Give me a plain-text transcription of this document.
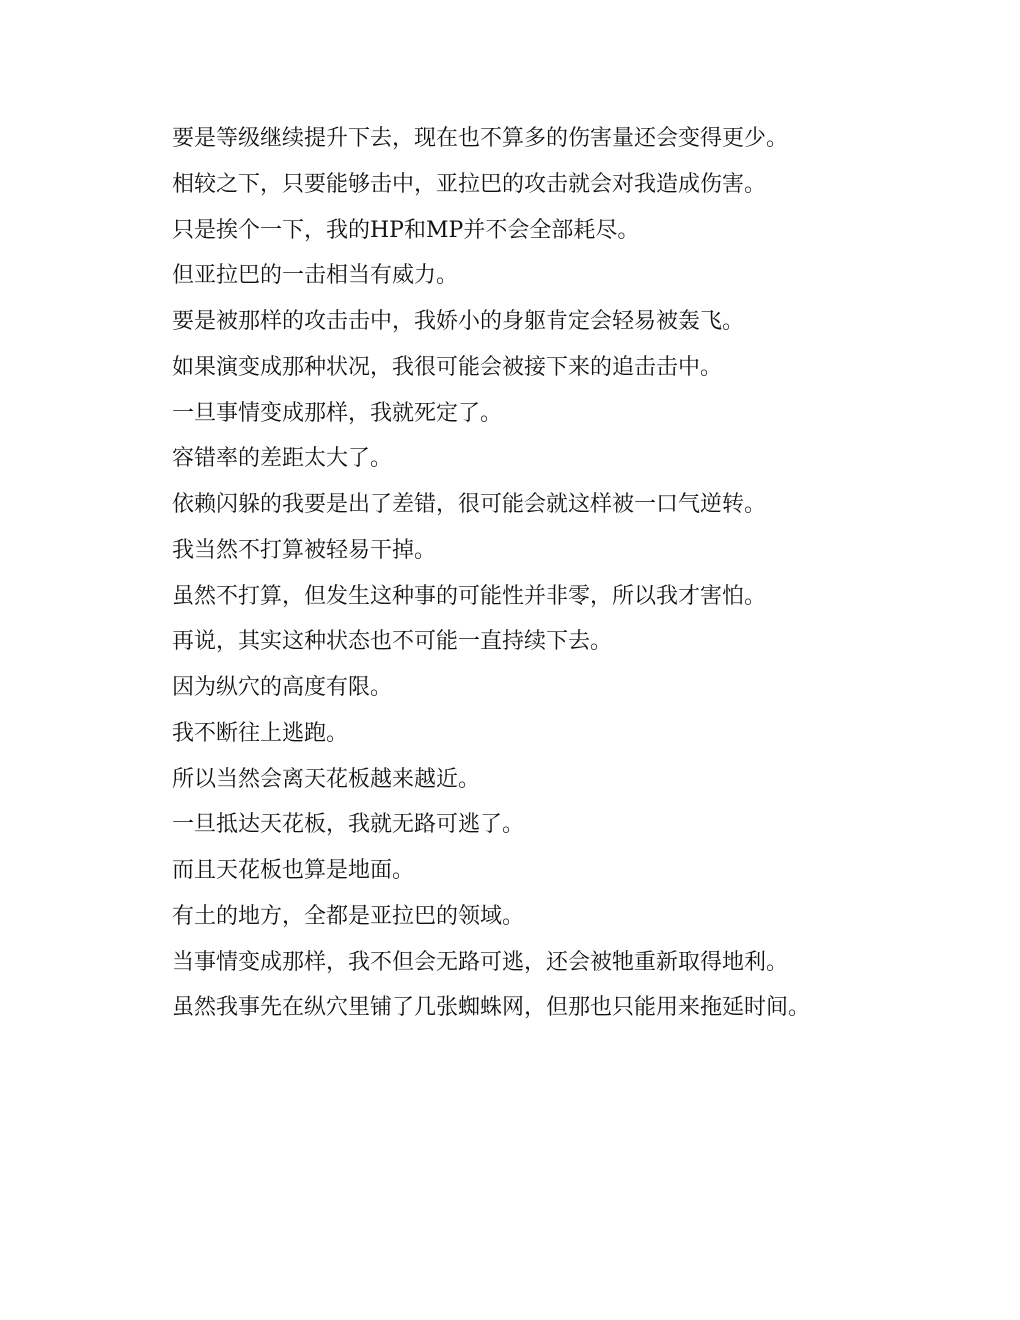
要是等级继续提升下去，现在也不算多的伤害量还会变得更少。

相较之下，只要能够击中，亚拉巴的攻击就会对我造成伤害。

只是挨个一下，我的HP和MP并不会全部耗尽。

但亚拉巴的一击相当有威力。

要是被那样的攻击击中，我娇小的身躯肯定会轻易被轰飞。

如果演变成那种状况，我很可能会被接下来的追击击中。

一旦事情变成那样，我就死定了。

容错率的差距太大了。

依赖闪躲的我要是出了差错，很可能会就这样被一口气逆转。

我当然不打算被轻易干掉。

虽然不打算，但发生这种事的可能性并非零，所以我才害怕。

再说，其实这种状态也不可能一直持续下去。

因为纵穴的高度有限。

我不断往上逃跑。

所以当然会离天花板越来越近。

一旦抵达天花板，我就无路可逃了。

而且天花板也算是地面。

有土的地方，全都是亚拉巴的领域。

当事情变成那样，我不但会无路可逃，还会被牠重新取得地利。

虽然我事先在纵穴里铺了几张蜘蛛网，但那也只能用来拖延时间。
